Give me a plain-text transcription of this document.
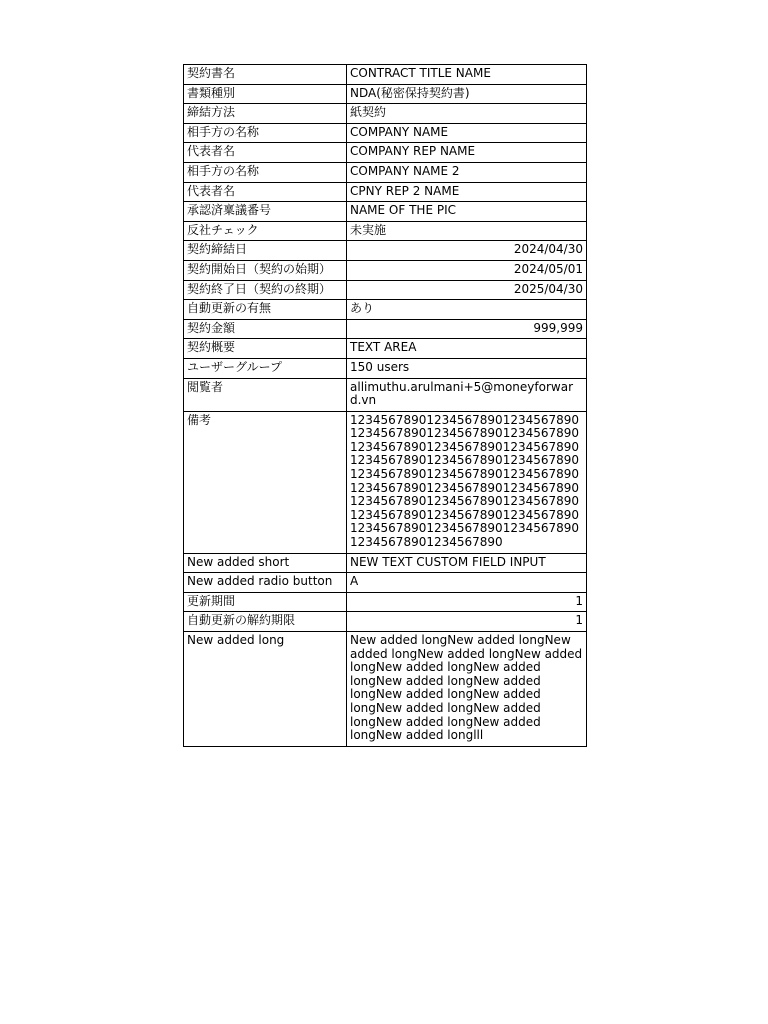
契約書名	CONTRACT TITLE NAME
書類種別	NDA(秘密保持契約書)
締結方法	紙契約
相手方の名称	COMPANY NAME
代表者名	COMPANY REP NAME
相手方の名称	COMPANY NAME 2
代表者名	CPNY REP 2 NAME
承認済稟議番号	NAME OF THE PIC
反社チェック	未実施
契約締結日	2024/04/30
契約開始日（契約の始期）	2024/05/01
契約終了日（契約の終期）	2025/04/30
自動更新の有無	あり
契約金額	999,999
契約概要	TEXT AREA
ユーザーグループ	150 users
閲覧者	allimuthu.arulmani+5@moneyforward.vn
備考	12345678901234567890123456789012345678901234567890123456789012345678901234567890123456789012345678901234567890123456789012345678901234567890123456789012345678901234567890123456789012345678901234567890123456789012345678901234567890123456789012345678901234567890123456789012345678901234567890
New added short	NEW TEXT CUSTOM FIELD INPUT
New added radio button	A
更新期間	1
自動更新の解約期限	1
New added long	New added longNew added longNew added longNew added longNew added longNew added longNew added longNew added longNew added longNew added longNew added longNew added longNew added longNew added longNew added longNew added longlll
